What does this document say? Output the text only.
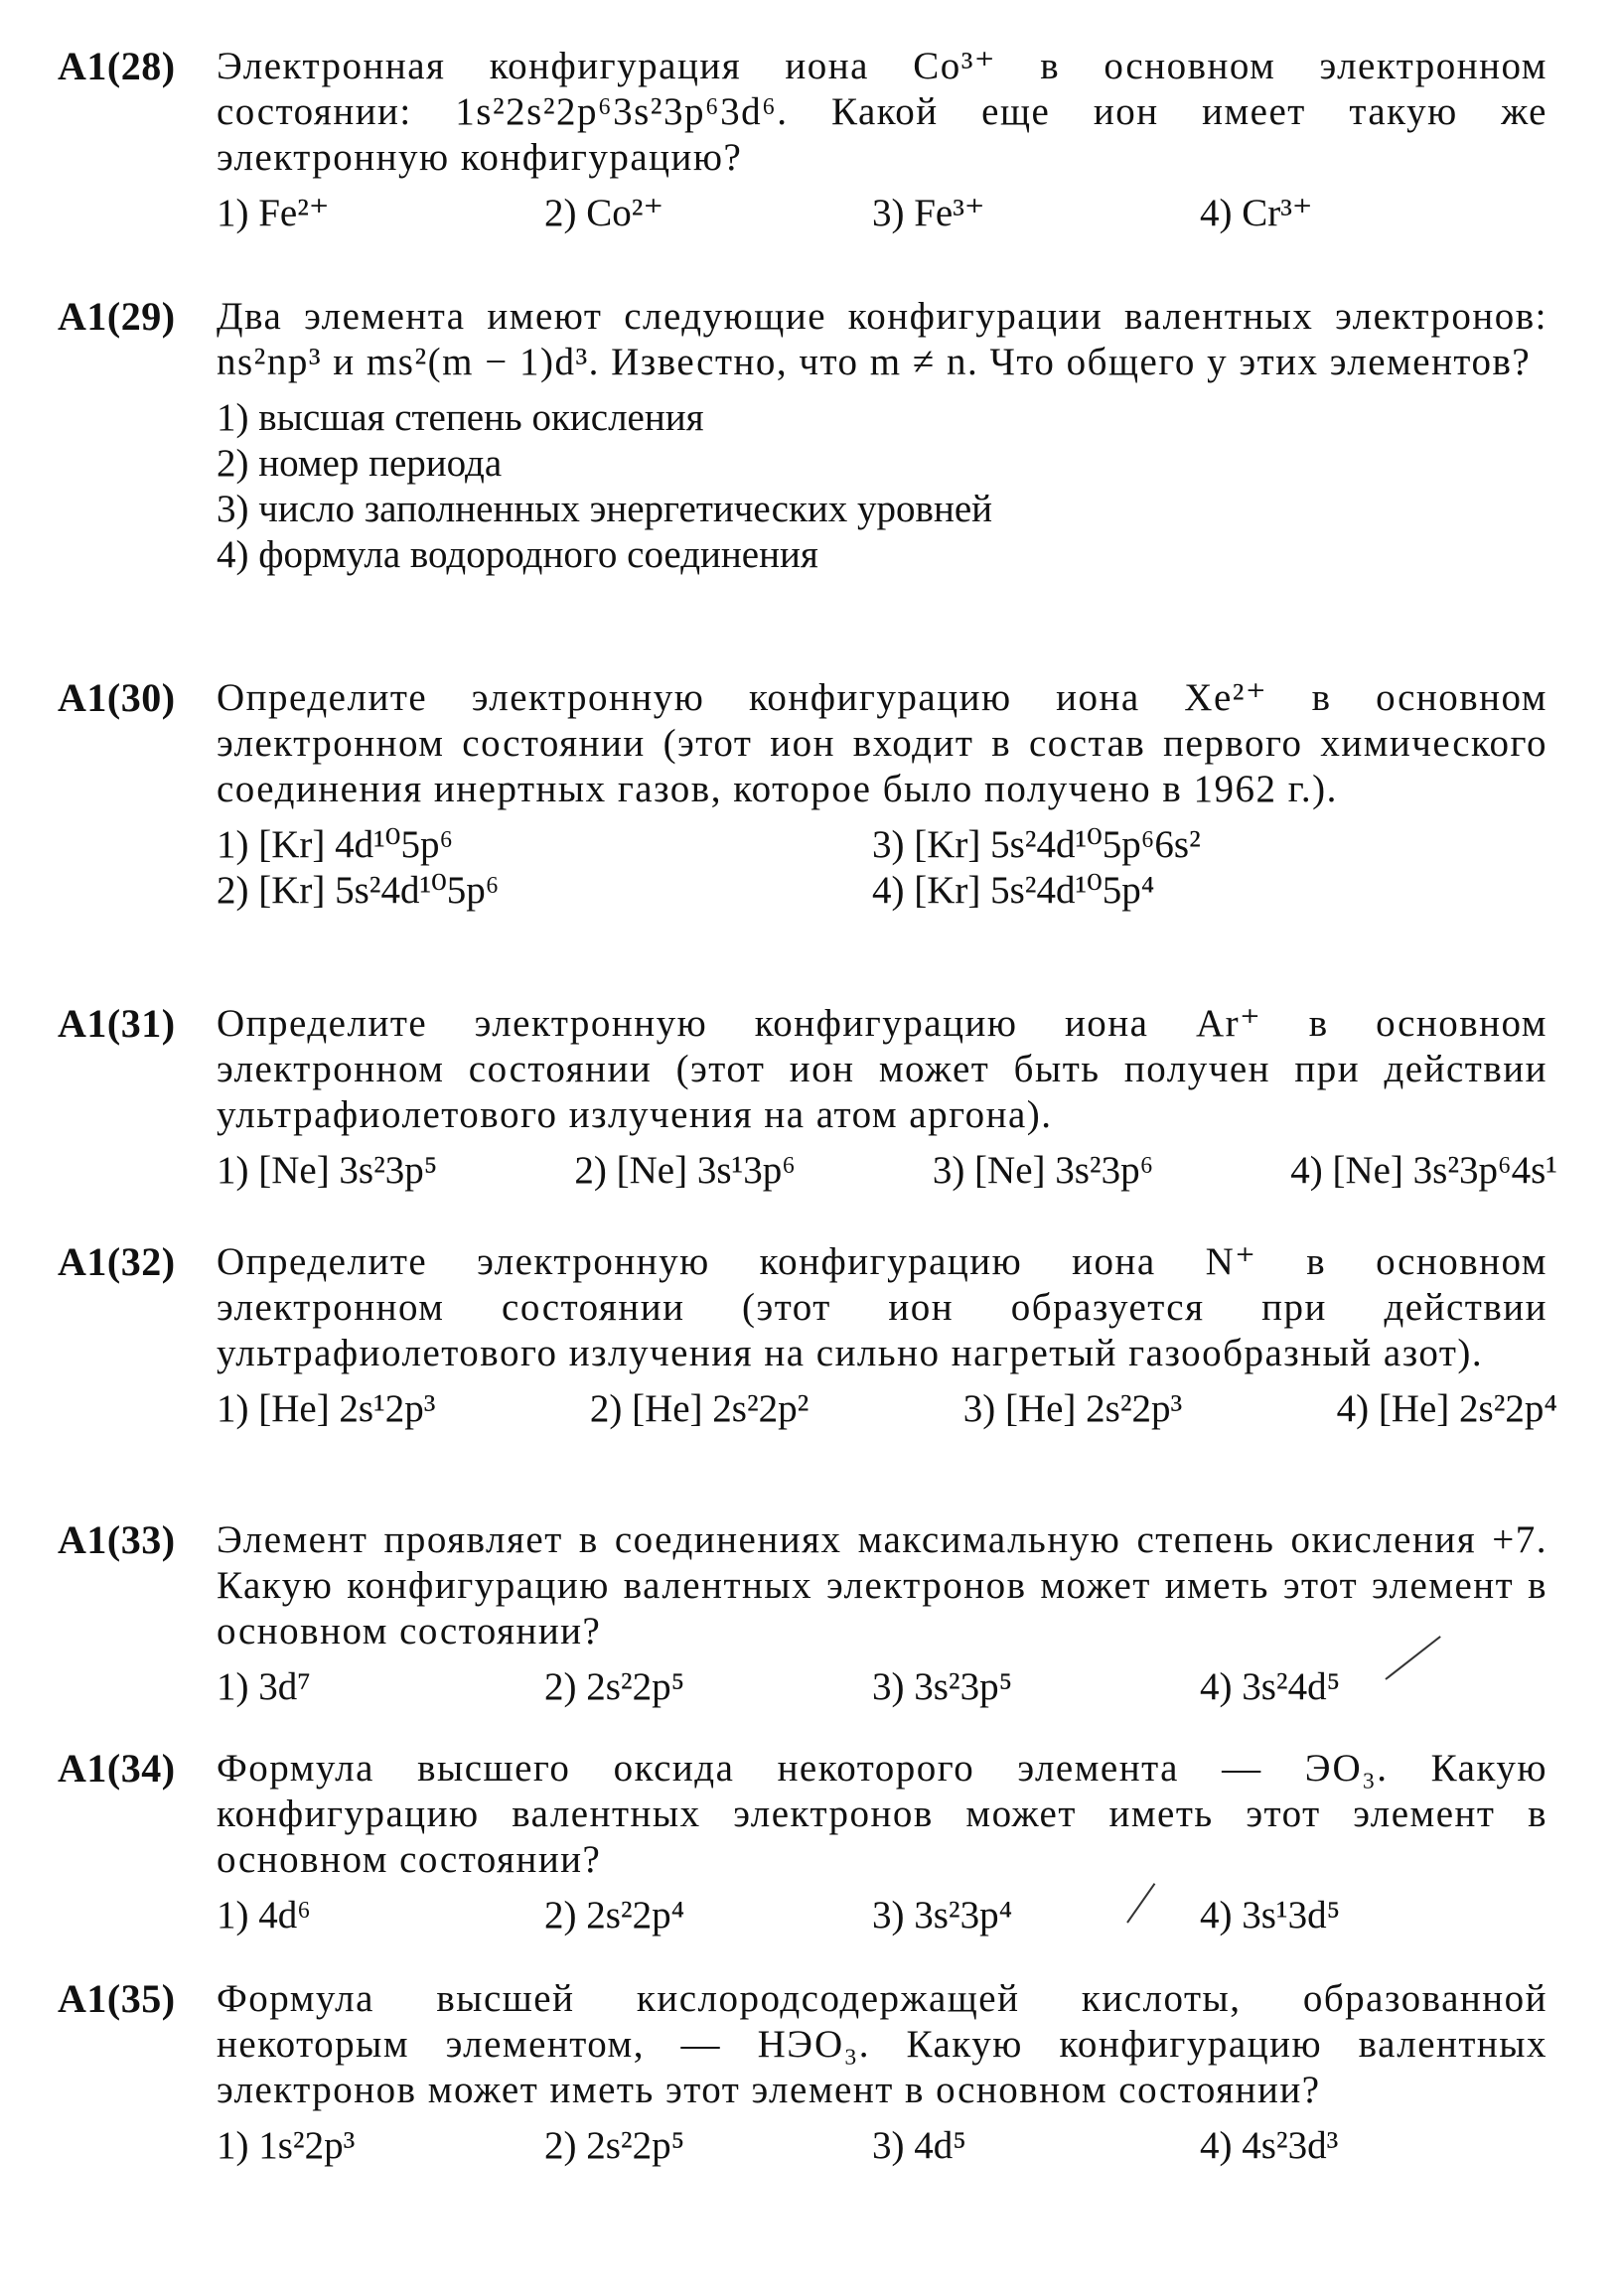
A1(28) Электронная конфигурация иона Co³⁺ в основном электронном состоянии: 1s²2s²2p⁶3s²3p⁶3d⁶. Какой еще ион имеет такую же электронную конфигурацию?
1) Fe²⁺	2) Co²⁺	3) Fe³⁺	4) Cr³⁺
A1(29) Два элемента имеют следующие конфигурации валентных электронов: ns²np³ и ms²(m − 1)d³. Известно, что m ≠ n. Что общего у этих элементов?
1) высшая степень окисления
2) номер периода
3) число заполненных энергетических уровней
4) формула водородного соединения
A1(30) Определите электронную конфигурацию иона Xe²⁺ в основном электронном состоянии (этот ион входит в состав первого химического соединения инертных газов, которое было получено в 1962 г.).
1) [Kr] 4d¹⁰5p⁶	3) [Kr] 5s²4d¹⁰5p⁶6s²
2) [Kr] 5s²4d¹⁰5p⁶	4) [Kr] 5s²4d¹⁰5p⁴
A1(31) Определите электронную конфигурацию иона Ar⁺ в основном электронном состоянии (этот ион может быть получен при действии ультрафиолетового излучения на атом аргона).
1) [Ne] 3s²3p⁵	2) [Ne] 3s¹3p⁶	3) [Ne] 3s²3p⁶	4) [Ne] 3s²3p⁶4s¹
A1(32) Определите электронную конфигурацию иона N⁺ в основном электронном состоянии (этот ион образуется при действии ультрафиолетового излучения на сильно нагретый газообразный азот).
1) [He] 2s¹2p³	2) [He] 2s²2p²	3) [He] 2s²2p³	4) [He] 2s²2p⁴
A1(33) Элемент проявляет в соединениях максимальную степень окисления +7. Какую конфигурацию валентных электронов может иметь этот элемент в основном состоянии?
1) 3d⁷	2) 2s²2p⁵	3) 3s²3p⁵	4) 3s²4d⁵
A1(34) Формула высшего оксида некоторого элемента — ЭО₃. Какую конфигурацию валентных электронов может иметь этот элемент в основном состоянии?
1) 4d⁶	2) 2s²2p⁴	3) 3s²3p⁴	4) 3s¹3d⁵
A1(35) Формула высшей кислородсодержащей кислоты, образованной некоторым элементом, — НЭО₃. Какую конфигурацию валентных электронов может иметь этот элемент в основном состоянии?
1) 1s²2p³	2) 2s²2p⁵	3) 4d⁵	4) 4s²3d³
